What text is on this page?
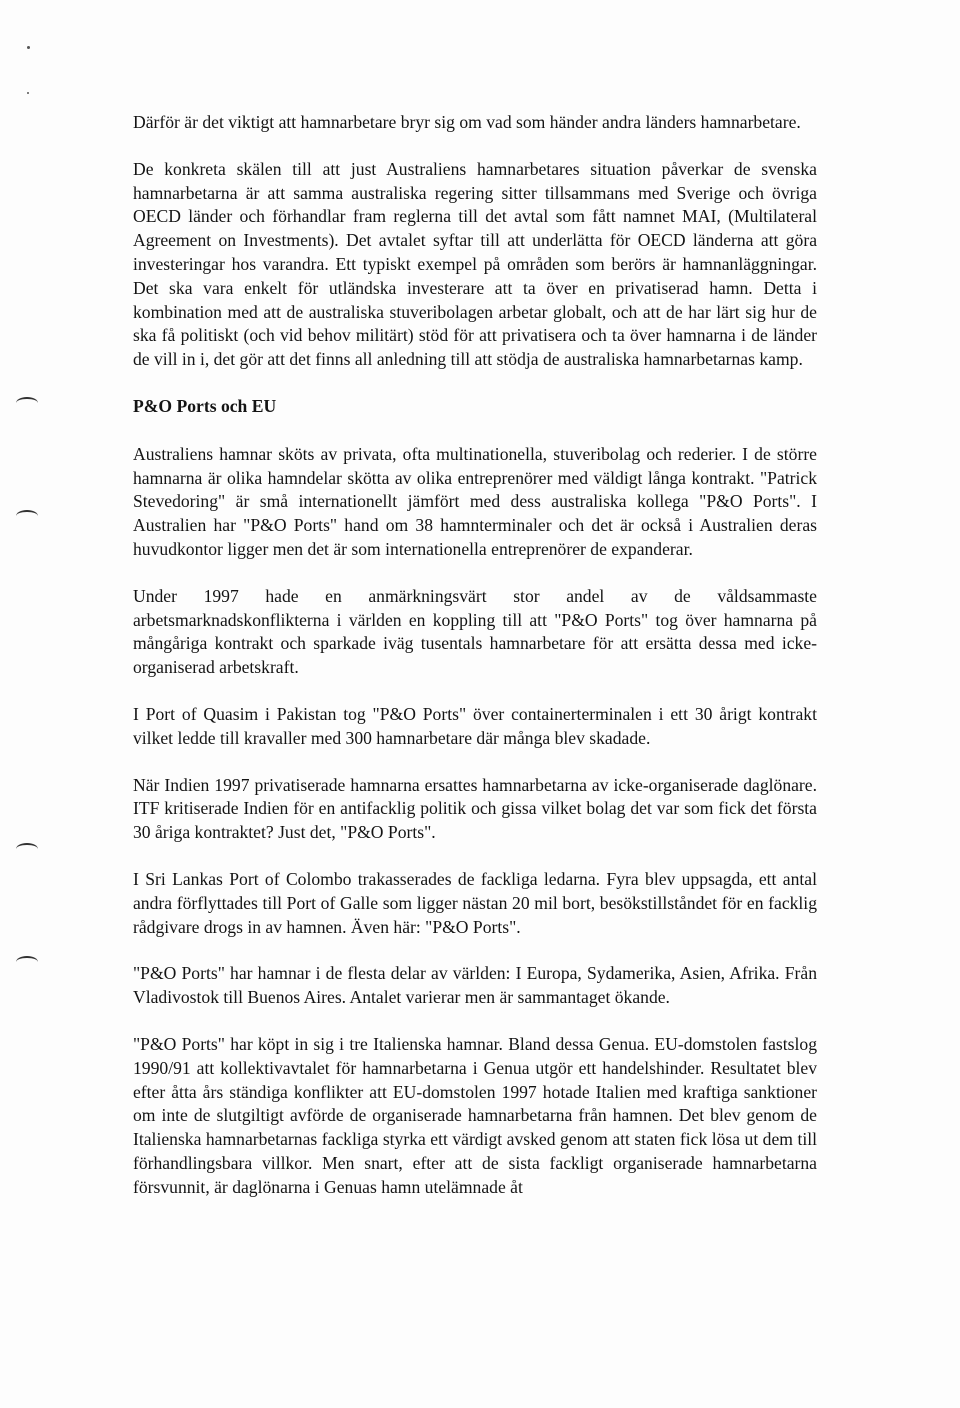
Därför är det viktigt att hamnarbetare bryr sig om vad som händer andra länders hamnarbetare.

De konkreta skälen till att just Australiens hamnarbetares situation påverkar de svenska hamnarbetarna är att samma australiska regering sitter tillsammans med Sverige och övriga OECD länder och förhandlar fram reglerna till det avtal som fått namnet MAI, (Multilateral Agreement on Investments). Det avtalet syftar till att underlätta för OECD länderna att göra investeringar hos varandra. Ett typiskt exempel på områden som berörs är hamnanläggningar. Det ska vara enkelt för utländska investerare att ta över en privatiserad hamn. Detta i kombination med att de australiska stuveribolagen arbetar globalt, och att de har lärt sig hur de ska få politiskt (och vid behov militärt) stöd för att privatisera och ta över hamnarna i de länder de vill in i, det gör att det finns all anledning till att stödja de australiska hamnarbetarnas kamp.

P&O Ports och EU

Australiens hamnar sköts av privata, ofta multinationella, stuveribolag och rederier. I de större hamnarna är olika hamndelar skötta av olika entreprenörer med väldigt långa kontrakt. "Patrick Stevedoring" är små internationellt jämfört med dess australiska kollega "P&O Ports". I Australien har "P&O Ports" hand om 38 hamnterminaler och det är också i Australien deras huvudkontor ligger men det är som internationella entreprenörer de expanderar.

Under 1997 hade en anmärkningsvärt stor andel av de våldsammaste arbetsmarknadskonflikterna i världen en koppling till att "P&O Ports" tog över hamnarna på mångåriga kontrakt och sparkade iväg tusentals hamnarbetare för att ersätta dessa med icke-organiserad arbetskraft.

I Port of Quasim i Pakistan tog "P&O Ports" över containerterminalen i ett 30 årigt kontrakt vilket ledde till kravaller med 300 hamnarbetare där många blev skadade.

När Indien 1997 privatiserade hamnarna ersattes hamnarbetarna av icke-organiserade daglönare. ITF kritiserade Indien för en antifacklig politik och gissa vilket bolag det var som fick det första 30 åriga kontraktet? Just det, "P&O Ports".

I Sri Lankas Port of Colombo trakasserades de fackliga ledarna. Fyra blev uppsagda, ett antal andra förflyttades till Port of Galle som ligger nästan 20 mil bort, besökstillståndet för en facklig rådgivare drogs in av hamnen. Även här: "P&O Ports".

"P&O Ports" har hamnar i de flesta delar av världen: I Europa, Sydamerika, Asien, Afrika. Från Vladivostok till Buenos Aires. Antalet varierar men är sammantaget ökande.

"P&O Ports" har köpt in sig i tre Italienska hamnar. Bland dessa Genua. EU-domstolen fastslog 1990/91 att kollektivavtalet för hamnarbetarna i Genua utgör ett handelshinder. Resultatet blev efter åtta års ständiga konflikter att EU-domstolen 1997 hotade Italien med kraftiga sanktioner om inte de slutgiltigt avförde de organiserade hamnarbetarna från hamnen. Det blev genom de Italienska hamnarbetarnas fackliga styrka ett värdigt avsked genom att staten fick lösa ut dem till förhandlingsbara villkor. Men snart, efter att de sista fackligt organiserade hamnarbetarna försvunnit, är daglönarna i Genuas hamn utelämnade åt
